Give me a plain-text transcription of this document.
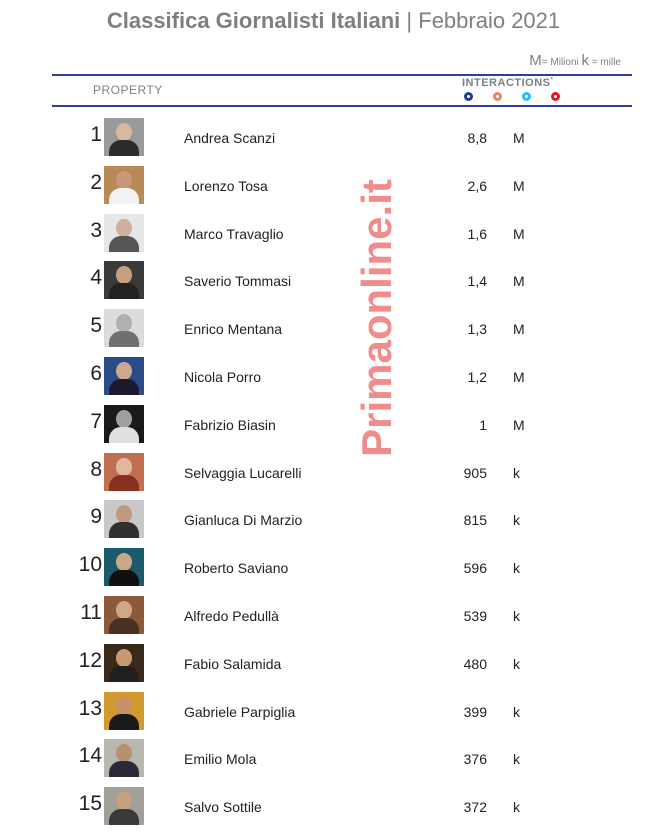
Classifica Giornalisti Italiani | Febbraio 2021
M= Milioni k = mille
PROPERTY	INTERACTIONS*
1	Andrea Scanzi	8,8 M
2	Lorenzo Tosa	2,6 M
3	Marco Travaglio	1,6 M
4	Saverio Tommasi	1,4 M
5	Enrico Mentana	1,3 M
6	Nicola Porro	1,2 M
7	Fabrizio Biasin	1 M
8	Selvaggia Lucarelli	905 k
9	Gianluca Di Marzio	815 k
10	Roberto Saviano	596 k
11	Alfredo Pedullà	539 k
12	Fabio Salamida	480 k
13	Gabriele Parpiglia	399 k
14	Emilio Mola	376 k
15	Salvo Sottile	372 k
Primaonline.it
